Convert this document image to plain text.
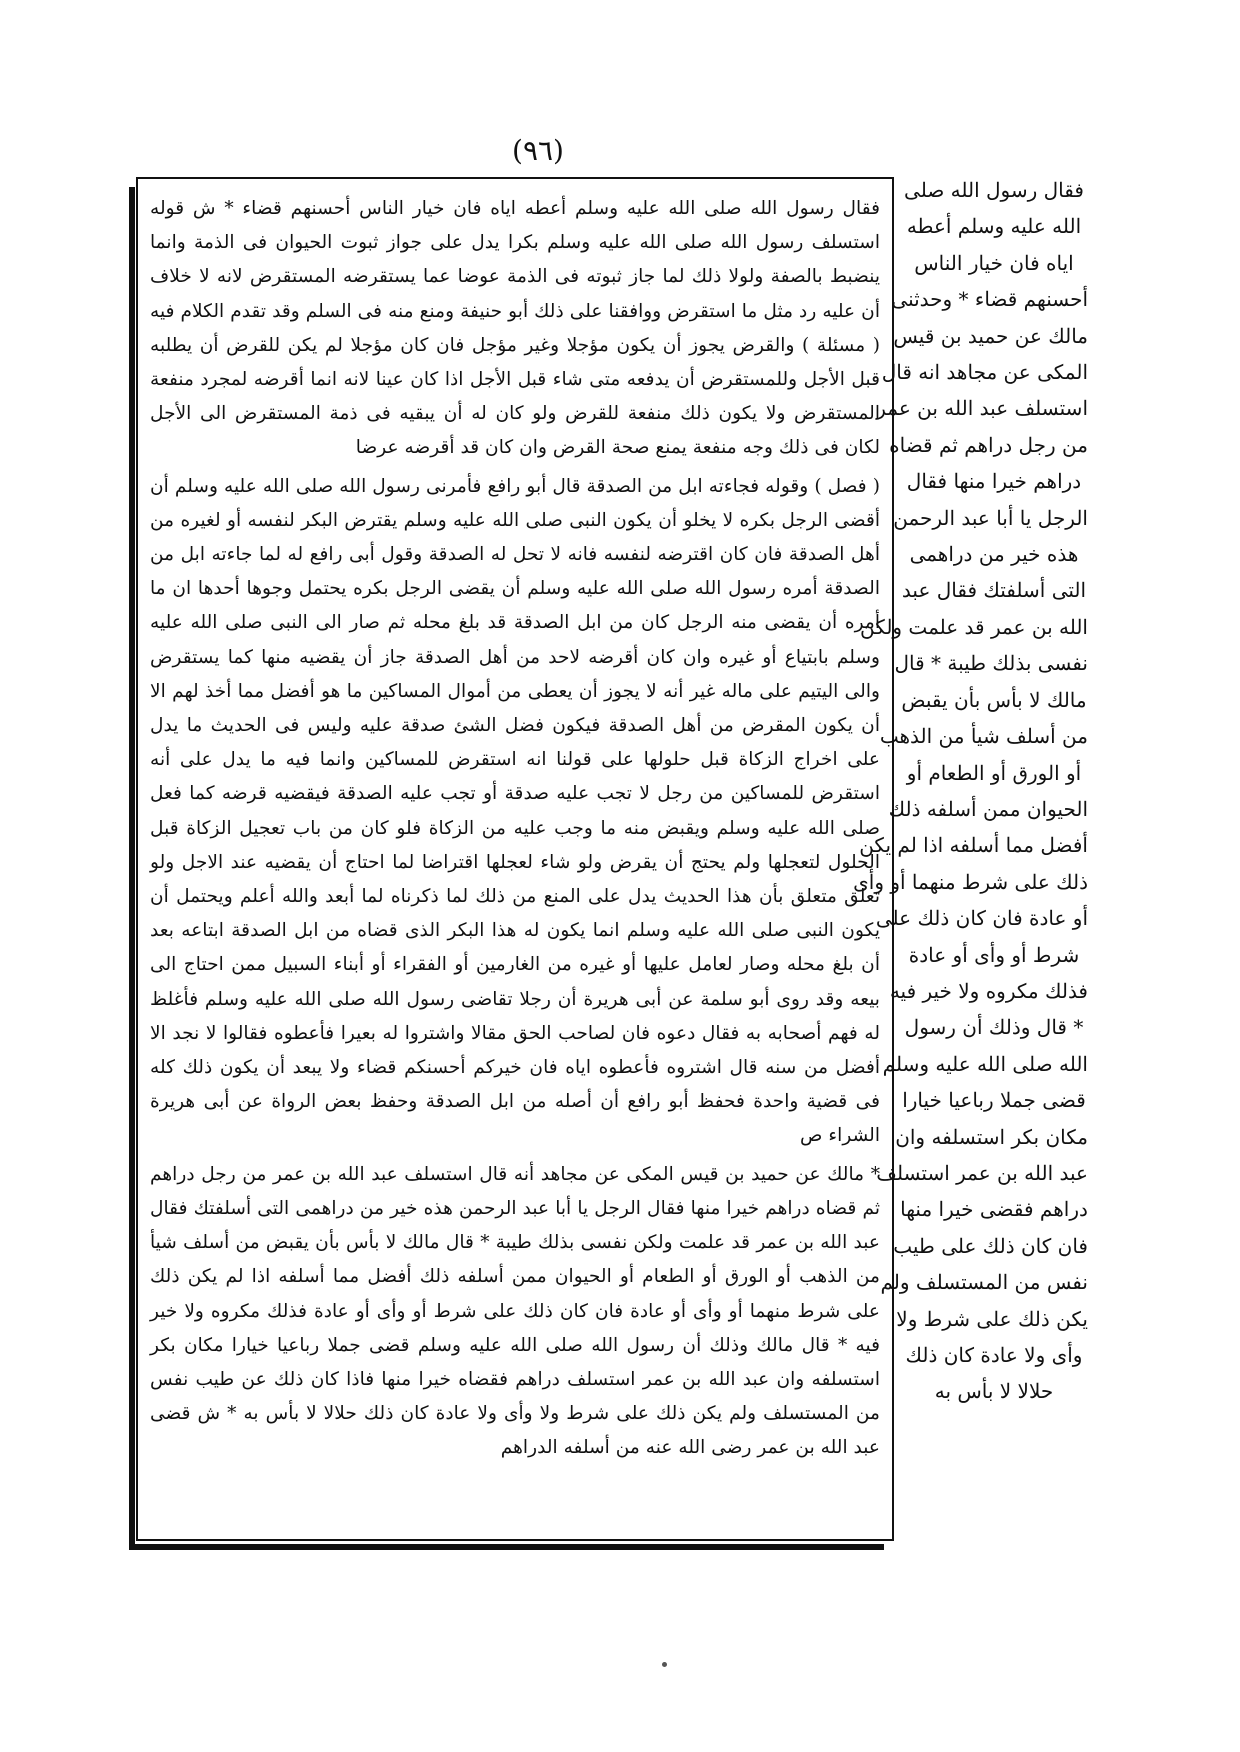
(٩٦)

فقال رسول الله صلى الله عليه وسلم أعطه اياه فان خيار الناس أحسنهم قضاء * ش قوله استسلف رسول الله صلى الله عليه وسلم بكرا يدل على جواز ثبوت الحيوان فى الذمة وانما ينضبط بالصفة ولولا ذلك لما جاز ثبوته فى الذمة عوضا عما يستقرضه المستقرض لانه لا خلاف أن عليه رد مثل ما استقرض ووافقنا على ذلك أبو حنيفة ومنع منه فى السلم وقد تقدم الكلام فيه ( مسئلة ) والقرض يجوز أن يكون مؤجلا وغير مؤجل فان كان مؤجلا لم يكن للقرض أن يطلبه قبل الأجل وللمستقرض أن يدفعه متى شاء قبل الأجل اذا كان عينا لانه انما أقرضه لمجرد منفعة المستقرض ولا يكون ذلك منفعة للقرض ولو كان له أن يبقيه فى ذمة المستقرض الى الأجل لكان فى ذلك وجه منفعة يمنع صحة القرض وان كان قد أقرضه عرضا

( فصل ) وقوله فجاءته ابل من الصدقة قال أبو رافع فأمرنى رسول الله صلى الله عليه وسلم أن أقضى الرجل بكره لا يخلو أن يكون النبى صلى الله عليه وسلم يقترض البكر لنفسه أو لغيره من أهل الصدقة فان كان اقترضه لنفسه فانه لا تحل له الصدقة وقول أبى رافع له لما جاءته ابل من الصدقة أمره رسول الله صلى الله عليه وسلم أن يقضى الرجل بكره يحتمل وجوها أحدها ان ما أمره أن يقضى منه الرجل كان من ابل الصدقة قد بلغ محله ثم صار الى النبى صلى الله عليه وسلم بابتياع أو غيره وان كان أقرضه لاحد من أهل الصدقة جاز أن يقضيه منها كما يستقرض والى اليتيم على ماله غير أنه لا يجوز أن يعطى من أموال المساكين ما هو أفضل مما أخذ لهم الا أن يكون المقرض من أهل الصدقة فيكون فضل الشئ صدقة عليه وليس فى الحديث ما يدل على اخراج الزكاة قبل حلولها على قولنا انه استقرض للمساكين وانما فيه ما يدل على أنه استقرض للمساكين من رجل لا تجب عليه صدقة أو تجب عليه الصدقة فيقضيه قرضه كما فعل صلى الله عليه وسلم ويقبض منه ما وجب عليه من الزكاة فلو كان من باب تعجيل الزكاة قبل الحلول لتعجلها ولم يحتج أن يقرض ولو شاء لعجلها اقتراضا لما احتاج أن يقضيه عند الاجل ولو تعلق متعلق بأن هذا الحديث يدل على المنع من ذلك لما ذكرناه لما أبعد والله أعلم ويحتمل أن يكون النبى صلى الله عليه وسلم انما يكون له هذا البكر الذى قضاه من ابل الصدقة ابتاعه بعد أن بلغ محله وصار لعامل عليها أو غيره من الغارمين أو الفقراء أو أبناء السبيل ممن احتاج الى بيعه وقد روى أبو سلمة عن أبى هريرة أن رجلا تقاضى رسول الله صلى الله عليه وسلم فأغلظ له فهم أصحابه به فقال دعوه فان لصاحب الحق مقالا واشتروا له بعيرا فأعطوه فقالوا لا نجد الا أفضل من سنه قال اشتروه فأعطوه اياه فان خيركم أحسنكم قضاء ولا يبعد أن يكون ذلك كله فى قضية واحدة فحفظ أبو رافع أن أصله من ابل الصدقة وحفظ بعض الرواة عن أبى هريرة الشراء ص

* مالك عن حميد بن قيس المكى عن مجاهد أنه قال استسلف عبد الله بن عمر من رجل دراهم ثم قضاه دراهم خيرا منها فقال الرجل يا أبا عبد الرحمن هذه خير من دراهمى التى أسلفتك فقال عبد الله بن عمر قد علمت ولكن نفسى بذلك طيبة * قال مالك لا بأس بأن يقبض من أسلف شيأ من الذهب أو الورق أو الطعام أو الحيوان ممن أسلفه ذلك أفضل مما أسلفه اذا لم يكن ذلك على شرط منهما أو وأى أو عادة فان كان ذلك على شرط أو وأى أو عادة فذلك مكروه ولا خير فيه * قال مالك وذلك أن رسول الله صلى الله عليه وسلم قضى جملا رباعيا خيارا مكان بكر استسلفه وان عبد الله بن عمر استسلف دراهم فقضاه خيرا منها فاذا كان ذلك عن طيب نفس من المستسلف ولم يكن ذلك على شرط ولا وأى ولا عادة كان ذلك حلالا لا بأس به * ش قضى عبد الله بن عمر رضى الله عنه من أسلفه الدراهم

فقال رسول الله صلى
الله عليه وسلم أعطه
اياه فان خيار الناس
أحسنهم قضاء * وحدثنى
مالك عن حميد بن قيس
المكى عن مجاهد انه قال
استسلف عبد الله بن عمر
من رجل دراهم ثم قضاه
دراهم خيرا منها فقال
الرجل يا أبا عبد الرحمن
هذه خير من دراهمى
التى أسلفتك فقال عبد
الله بن عمر قد علمت ولكن
نفسى بذلك طيبة * قال
مالك لا بأس بأن يقبض
من أسلف شيأ من الذهب
أو الورق أو الطعام أو
الحيوان ممن أسلفه ذلك
أفضل مما أسلفه اذا لم يكن
ذلك على شرط منهما أو وأى
أو عادة فان كان ذلك على
شرط أو وأى أو عادة
فذلك مكروه ولا خير فيه
* قال وذلك أن رسول
الله صلى الله عليه وسلم
قضى جملا رباعيا خيارا
مكان بكر استسلفه وان
عبد الله بن عمر استسلف
دراهم فقضى خيرا منها
فان كان ذلك على طيب
نفس من المستسلف ولم
يكن ذلك على شرط ولا
وأى ولا عادة كان ذلك
حلالا لا بأس به
